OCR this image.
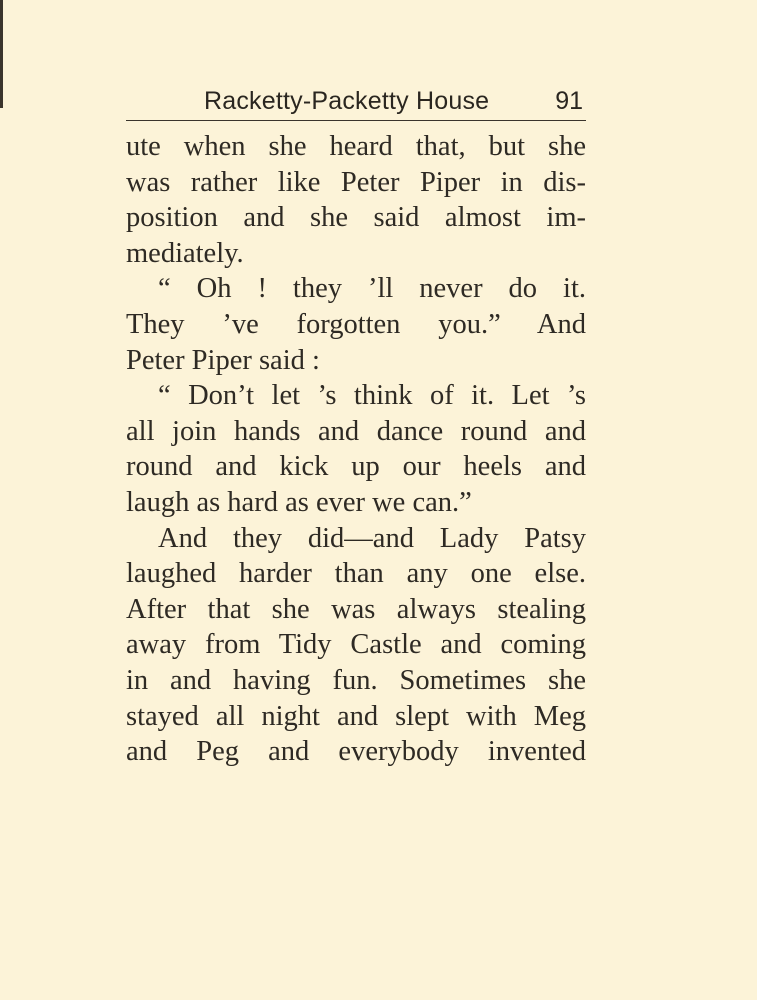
Racketty-Packetty House	91
ute when she heard that, but she
was rather like Peter Piper in dis-
position and she said almost im-
mediately.
“ Oh ! they ’ll never do it.
They ’ve forgotten you.” And
Peter Piper said :
“ Don’t let ’s think of it. Let ’s
all join hands and dance round and
round and kick up our heels and
laugh as hard as ever we can.”
And they did—and Lady Patsy
laughed harder than any one else.
After that she was always stealing
away from Tidy Castle and coming
in and having fun. Sometimes she
stayed all night and slept with Meg
and Peg and everybody invented
